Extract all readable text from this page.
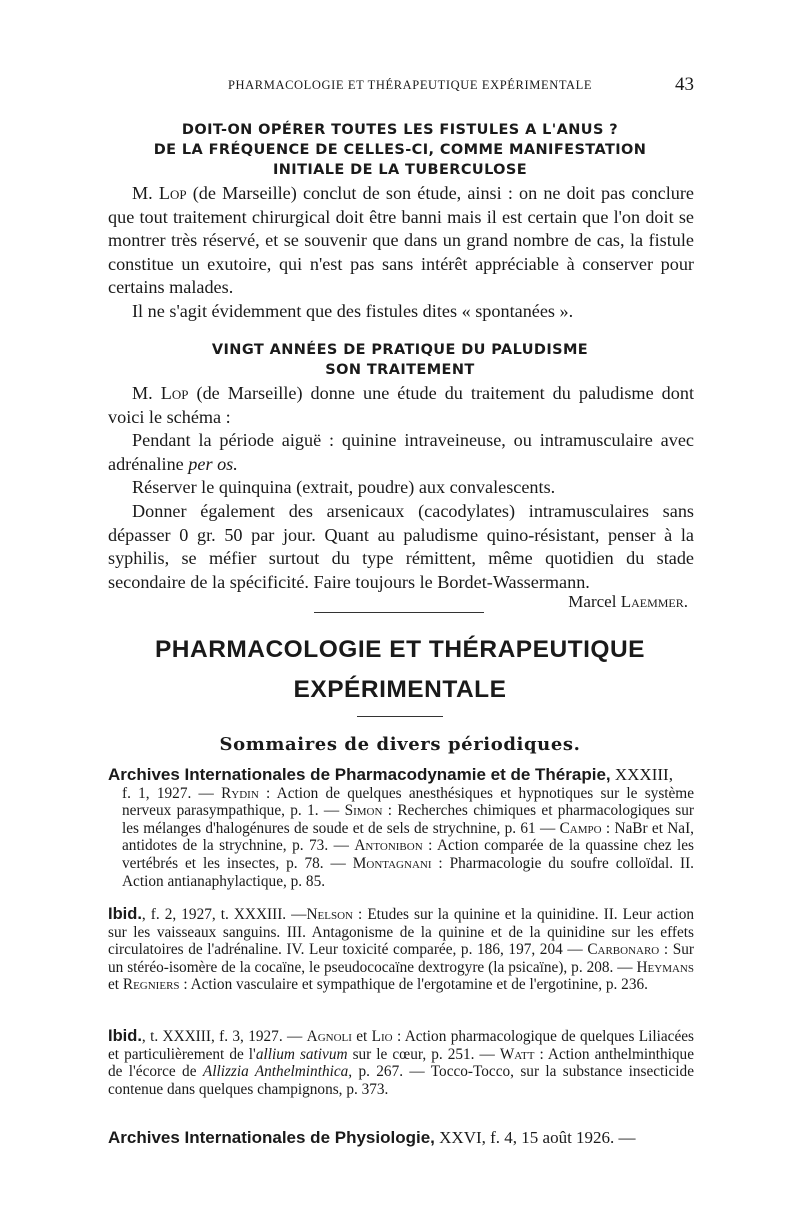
PHARMACOLOGIE ET THÉRAPEUTIQUE EXPÉRIMENTALE	43
DOIT-ON OPÉRER TOUTES LES FISTULES A L'ANUS ?
DE LA FRÉQUENCE DE CELLES-CI, COMME MANIFESTATION
INITIALE DE LA TUBERCULOSE

M. Lop (de Marseille) conclut de son étude, ainsi : on ne doit pas conclure que tout traitement chirurgical doit être banni mais il est certain que l'on doit se montrer très réservé, et se souvenir que dans un grand nombre de cas, la fistule constitue un exutoire, qui n'est pas sans intérêt appréciable à conserver pour certains malades.

Il ne s'agit évidemment que des fistules dites « spontanées ».

VINGT ANNÉES DE PRATIQUE DU PALUDISME
SON TRAITEMENT

M. Lop (de Marseille) donne une étude du traitement du paludisme dont voici le schéma :

Pendant la période aiguë : quinine intraveineuse, ou intramusculaire avec adrénaline per os.

Réserver le quinquina (extrait, poudre) aux convalescents.

Donner également des arsenicaux (cacodylates) intramusculaires sans dépasser 0 gr. 50 par jour. Quant au paludisme quino-résistant, penser à la syphilis, se méfier surtout du type rémittent, même quotidien du stade secondaire de la spécificité. Faire toujours le Bordet-Wassermann.

Marcel Laemmer.
PHARMACOLOGIE ET THÉRAPEUTIQUE
EXPÉRIMENTALE
Sommaires de divers périodiques.
Archives Internationales de Pharmacodynamie et de Thérapie, XXXIII,
f. 1, 1927. — Rydin : Action de quelques anesthésiques et hypnotiques sur le système nerveux parasympathique, p. 1. — Simon : Recherches chimiques et pharmacologiques sur les mélanges d'halogénures de soude et de sels de strychnine, p. 61 — Campo : NaBr et NaI, antidotes de la strychnine, p. 73. — Antonibon : Action comparée de la quassine chez les vertébrés et les insectes, p. 78. — Montagnani : Pharmacologie du soufre colloïdal. II. Action antianaphylactique, p. 85.
Ibid., f. 2, 1927, t. XXXIII. —Nelson : Etudes sur la quinine et la quinidine. II. Leur action sur les vaisseaux sanguins. III. Antagonisme de la quinine et de la quinidine sur les effets circulatoires de l'adrénaline. IV. Leur toxicité comparée, p. 186, 197, 204 — Carbonaro : Sur un stéréo-isomère de la cocaïne, le pseudococaïne dextrogyre (la psicaïne), p. 208. — Heymans et Regniers : Action vasculaire et sympathique de l'ergotamine et de l'ergotinine, p. 236.
Ibid., t. XXXIII, f. 3, 1927. — Agnoli et Lio : Action pharmacologique de quelques Liliacées et particulièrement de l'allium sativum sur le cœur, p. 251. — Watt : Action anthelminthique de l'écorce de Allizzia Anthelminthica, p. 267. — Tocco-Tocco, sur la substance insecticide contenue dans quelques champignons, p. 373.
Archives Internationales de Physiologie, XXVI, f. 4, 15 août 1926. —
